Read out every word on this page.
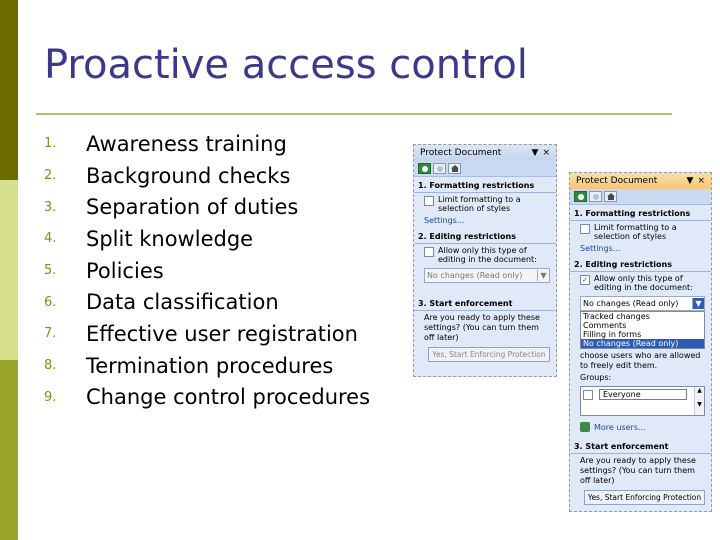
Proactive access control
1.	Awareness training
2.	Background checks
3.	Separation of duties
4.	Split knowledge
5.	Policies
6.	Data classification
7.	Effective user registration
8.	Termination procedures
9.	Change control procedures
Protect Document	▼ ×
1. Formatting restrictions
Limit formatting to a selection of styles
Settings...
2. Editing restrictions
Allow only this type of editing in the document:
No changes (Read only)	▼
3. Start enforcement
Are you ready to apply these settings? (You can turn them off later)
Yes, Start Enforcing Protection
Protect Document	▼ ×
1. Formatting restrictions
Limit formatting to a selection of styles
Settings...
2. Editing restrictions
✓ Allow only this type of editing in the document:
No changes (Read only)	▼
Tracked changes
Comments
Filling in forms
No changes (Read only)
choose users who are allowed to freely edit them.
Groups:
Everyone	▲

▼
More users...
3. Start enforcement
Are you ready to apply these settings? (You can turn them off later)
Yes, Start Enforcing Protection
